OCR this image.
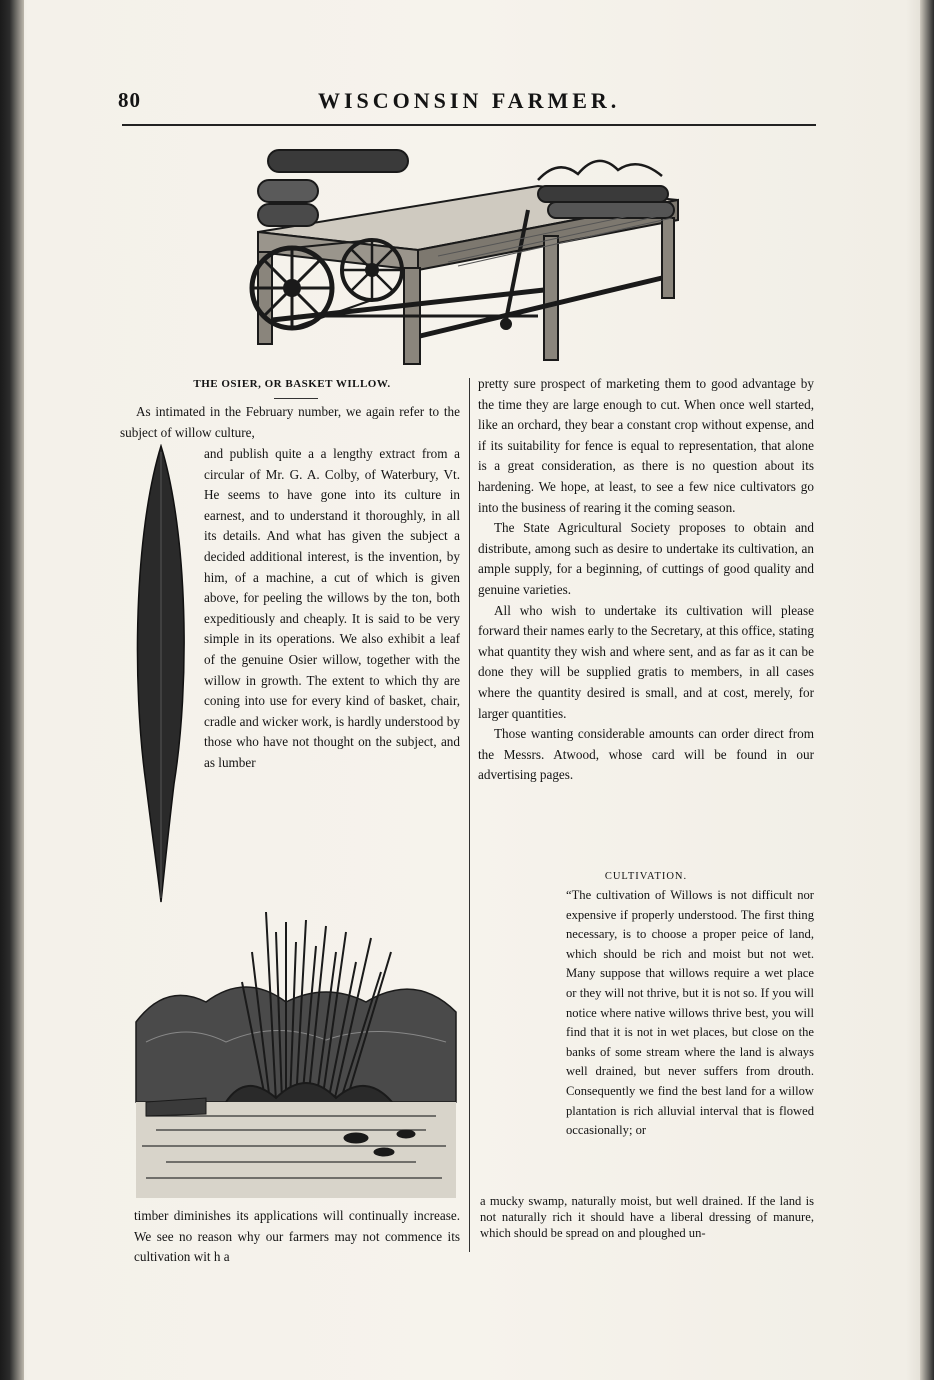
80	WISCONSIN FARMER.
THE OSIER, OR BASKET WILLOW.

As intimated in the February number, we again refer to the subject of willow culture,

and publish quite a a lengthy extract from a circular of Mr. G. A. Colby, of Waterbury, Vt. He seems to have gone into its culture in earnest, and to understand it thoroughly, in all its details. And what has given the subject a decided additional interest, is the invention, by him, of a machine, a cut of which is given above, for peeling the willows by the ton, both expeditiously and cheaply. It is said to be very simple in its operations. We also exhibit a leaf of the genuine Osier willow, together with the willow in growth. The extent to which thy are coning into use for every kind of basket, chair, cradle and wicker work, is hardly understood by those who have not thought on the subject, and as lumber

timber diminishes its applications will continually increase. We see no reason why our farmers may not commence its cultivation wit h a

pretty sure prospect of marketing them to good advantage by the time they are large enough to cut. When once well started, like an orchard, they bear a constant crop without expense, and if its suitability for fence is equal to representation, that alone is a great consideration, as there is no question about its hardening. We hope, at least, to see a few nice cultivators go into the business of rearing it the coming season.

The State Agricultural Society proposes to obtain and distribute, among such as desire to undertake its cultivation, an ample supply, for a beginning, of cuttings of good quality and genuine varieties.

All who wish to undertake its cultivation will please forward their names early to the Secretary, at this office, stating what quantity they wish and where sent, and as far as it can be done they will be supplied gratis to members, in all cases where the quantity desired is small, and at cost, merely, for larger quantities.

Those wanting considerable amounts can order direct from the Messrs. Atwood, whose card will be found in our advertising pages.

CULTIVATION.

“The cultivation of Willows is not difficult nor expensive if properly understood. The first thing necessary, is to choose a proper peice of land, which should be rich and moist but not wet. Many suppose that willows require a wet place or they will not thrive, but it is not so. If you will notice where native willows thrive best, you will find that it is not in wet places, but close on the banks of some stream where the land is always well drained, but never suffers from drouth. Consequently we find the best land for a willow plantation is rich alluvial interval that is flowed occasionally; or

a mucky swamp, naturally moist, but well drained. If the land is not naturally rich it should have a liberal dressing of manure, which should be spread on and ploughed un-
